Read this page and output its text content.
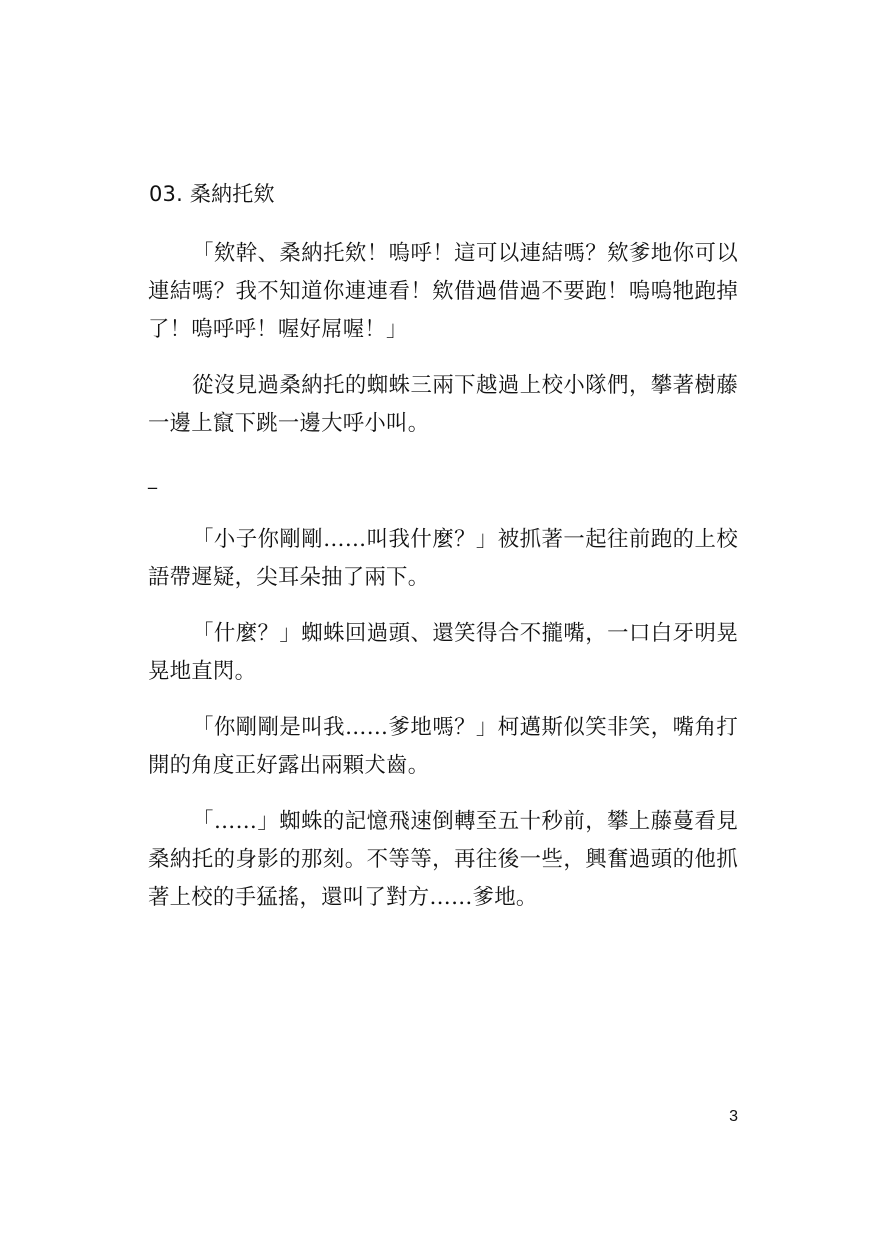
03. 桑納托欸

「欸幹、桑納托欸！嗚呼！這可以連結嗎？欸爹地你可以連結嗎？我不知道你連連看！欸借過借過不要跑！嗚嗚牠跑掉了！嗚呼呼！喔好屌喔！」

從沒見過桑納托的蜘蛛三兩下越過上校小隊們，攀著樹藤一邊上竄下跳一邊大呼小叫。

_

「小子你剛剛……叫我什麼？」被抓著一起往前跑的上校語帶遲疑，尖耳朵抽了兩下。

「什麼？」蜘蛛回過頭、還笑得合不攏嘴，一口白牙明晃晃地直閃。

「你剛剛是叫我……爹地嗎？」柯邁斯似笑非笑，嘴角打開的角度正好露出兩顆犬齒。

「……」蜘蛛的記憶飛速倒轉至五十秒前，攀上藤蔓看見桑納托的身影的那刻。不等等，再往後一些，興奮過頭的他抓著上校的手猛搖，還叫了對方……爹地。

3
